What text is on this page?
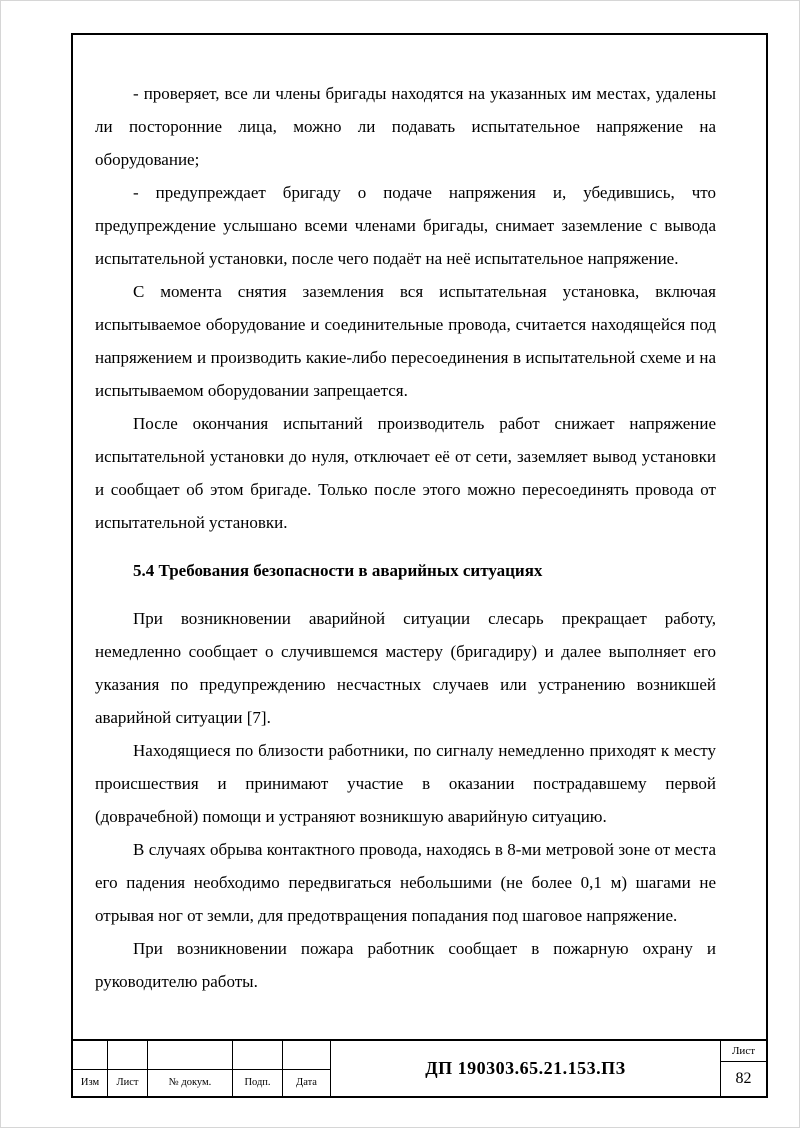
- проверяет, все ли члены бригады находятся на указанных им местах, удалены ли посторонние лица, можно ли подавать испытательное напряжение на оборудование;

- предупреждает бригаду о подаче напряжения и, убедившись, что предупреждение услышано всеми членами бригады, снимает заземление с вывода испытательной установки, после чего подаёт на неё испытательное напряжение.

С момента снятия заземления вся испытательная установка, включая испытываемое оборудование и соединительные провода, считается находящейся под напряжением и производить какие-либо пересоединения в испытательной схеме и на испытываемом оборудовании запрещается.

После окончания испытаний производитель работ снижает напряжение испытательной установки до нуля, отключает её от сети, заземляет вывод установки и сообщает об этом бригаде. Только после этого можно пересоединять провода от испытательной установки.

5.4 Требования безопасности в аварийных ситуациях

При возникновении аварийной ситуации слесарь прекращает работу, немедленно сообщает о случившемся мастеру (бригадиру) и далее выполняет его указания по предупреждению несчастных случаев или устранению возникшей аварийной ситуации [7].

Находящиеся по близости работники, по сигналу немедленно приходят к месту происшествия и принимают участие в оказании пострадавшему первой (доврачебной) помощи и устраняют возникшую аварийную ситуацию.

В случаях обрыва контактного провода, находясь в 8-ми метровой зоне от места его падения необходимо передвигаться небольшими (не более 0,1 м) шагами не отрывая ног от земли, для предотвращения попадания под шаговое напряжение.

При возникновении пожара работник сообщает в пожарную охрану и руководителю работы.

Изм	Лист	№ докум.	Подп.	Дата
ДП 190303.65.21.153.ПЗ
Лист
82
